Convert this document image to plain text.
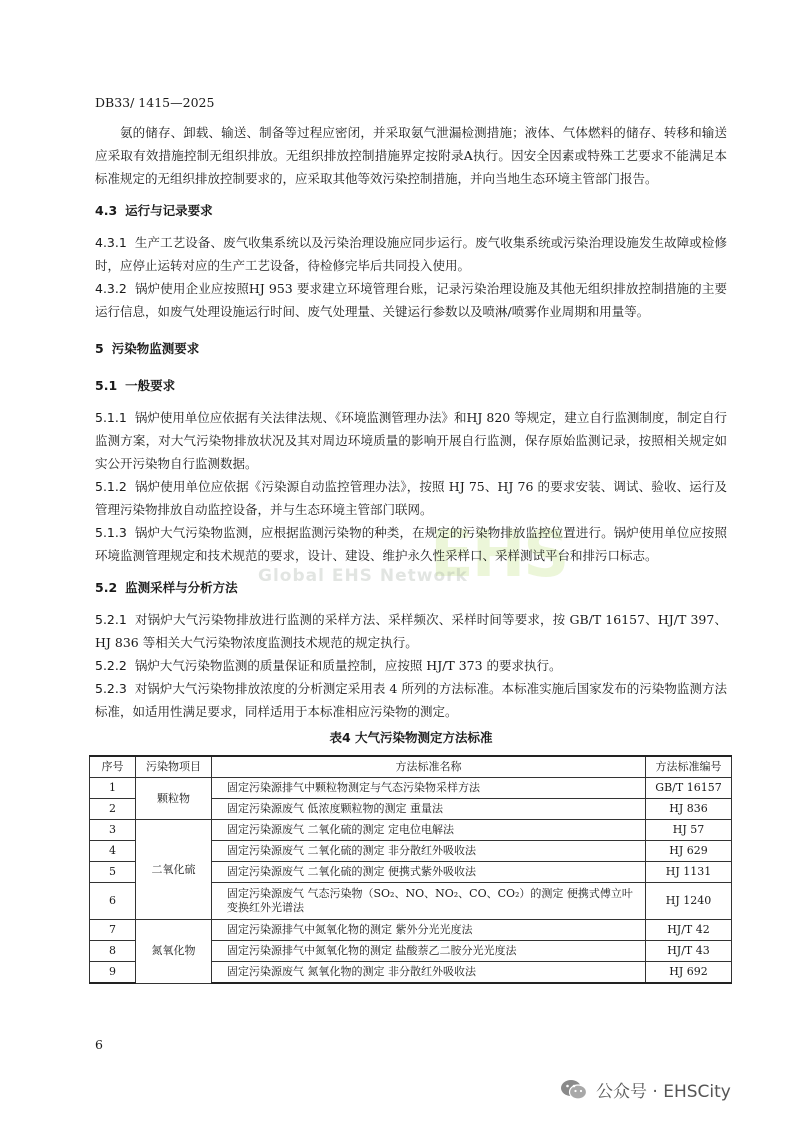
DB33/ 1415—2025
EHS
Global EHS Network

氨的储存、卸载、输送、制备等过程应密闭，并采取氨气泄漏检测措施；液体、气体燃料的储存、转移和输送应采取有效措施控制无组织排放。无组织排放控制措施界定按附录A执行。因安全因素或特殊工艺要求不能满足本标准规定的无组织排放控制要求的，应采取其他等效污染控制措施，并向当地生态环境主管部门报告。

4.3 运行与记录要求

4.3.1 生产工艺设备、废气收集系统以及污染治理设施应同步运行。废气收集系统或污染治理设施发生故障或检修时，应停止运转对应的生产工艺设备，待检修完毕后共同投入使用。

4.3.2 锅炉使用企业应按照HJ 953 要求建立环境管理台账，记录污染治理设施及其他无组织排放控制措施的主要运行信息，如废气处理设施运行时间、废气处理量、关键运行参数以及喷淋/喷雾作业周期和用量等。

5 污染物监测要求

5.1 一般要求

5.1.1 锅炉使用单位应依据有关法律法规、《环境监测管理办法》和HJ 820 等规定，建立自行监测制度，制定自行监测方案，对大气污染物排放状况及其对周边环境质量的影响开展自行监测，保存原始监测记录，按照相关规定如实公开污染物自行监测数据。

5.1.2 锅炉使用单位应依据《污染源自动监控管理办法》，按照 HJ 75、HJ 76 的要求安装、调试、验收、运行及管理污染物排放自动监控设备，并与生态环境主管部门联网。

5.1.3 锅炉大气污染物监测，应根据监测污染物的种类，在规定的污染物排放监控位置进行。锅炉使用单位应按照环境监测管理规定和技术规范的要求，设计、建设、维护永久性采样口、采样测试平台和排污口标志。

5.2 监测采样与分析方法

5.2.1 对锅炉大气污染物排放进行监测的采样方法、采样频次、采样时间等要求，按 GB/T 16157、HJ/T 397、HJ 836 等相关大气污染物浓度监测技术规范的规定执行。

5.2.2 锅炉大气污染物监测的质量保证和质量控制，应按照 HJ/T 373 的要求执行。

5.2.3 对锅炉大气污染物排放浓度的分析测定采用表 4 所列的方法标准。本标准实施后国家发布的污染物监测方法标准，如适用性满足要求，同样适用于本标准相应污染物的测定。

表4 大气污染物测定方法标准
序号	污染物项目	方法标准名称	方法标准编号
1	颗粒物	固定污染源排气中颗粒物测定与气态污染物采样方法	GB/T 16157
2		固定污染源废气 低浓度颗粒物的测定 重量法	HJ 836
3	二氧化硫	固定污染源废气 二氧化硫的测定 定电位电解法	HJ 57
4		固定污染源废气 二氧化硫的测定 非分散红外吸收法	HJ 629
5		固定污染源废气 二氧化硫的测定 便携式紫外吸收法	HJ 1131
6		固定污染源废气 气态污染物（SO₂、NO、NO₂、CO、CO₂）的测定 便携式傅立叶变换红外光谱法	HJ 1240
7	氮氧化物	固定污染源排气中氮氧化物的测定 紫外分光光度法	HJ/T 42
8		固定污染源排气中氮氧化物的测定 盐酸萘乙二胺分光光度法	HJ/T 43
9		固定污染源废气 氮氧化物的测定 非分散红外吸收法	HJ 692
6
公众号 · EHSCity
